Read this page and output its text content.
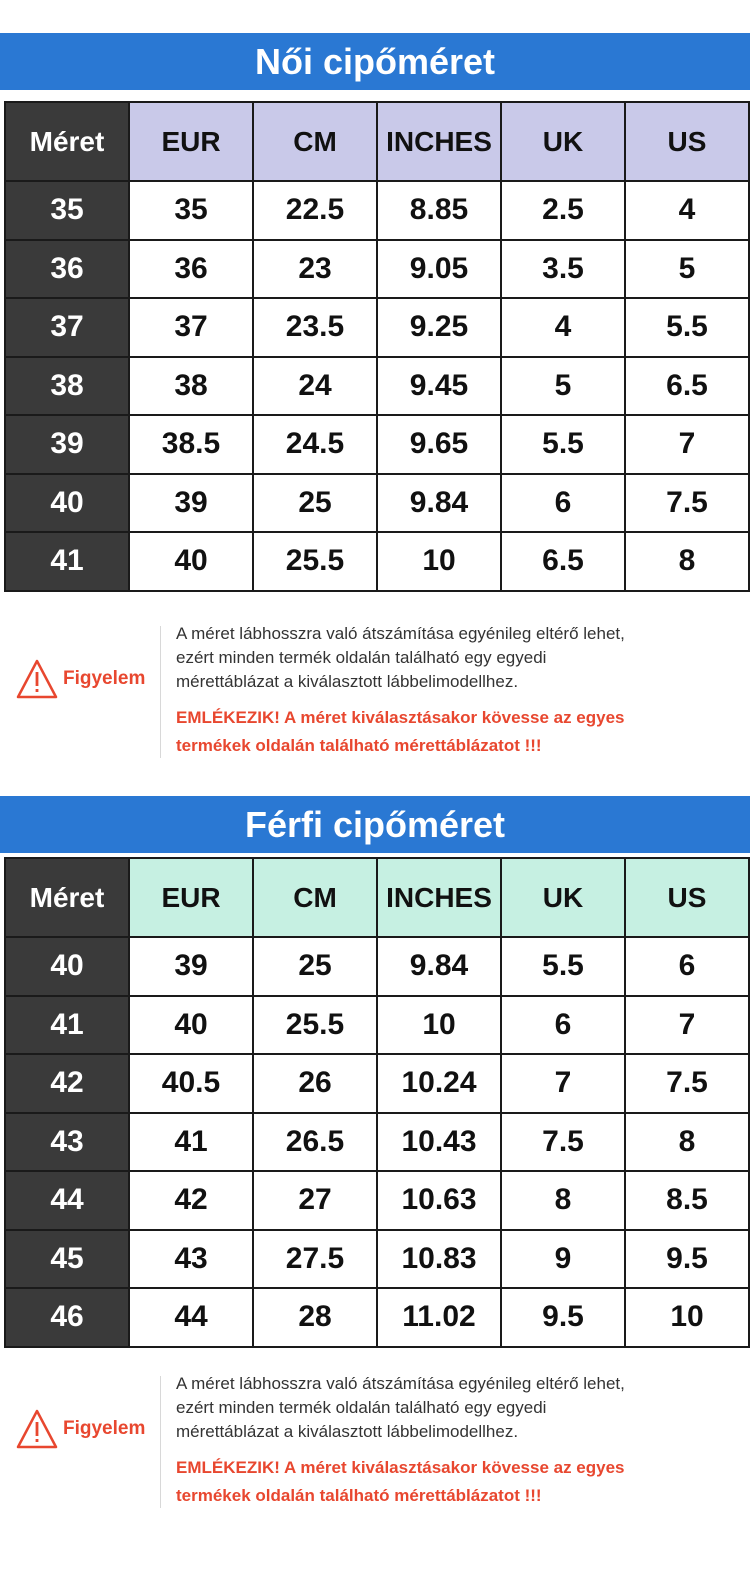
Női cipőméret
Méret	EUR	CM	INCHES	UK	US
35	35	22.5	8.85	2.5	4
36	36	23	9.05	3.5	5
37	37	23.5	9.25	4	5.5
38	38	24	9.45	5	6.5
39	38.5	24.5	9.65	5.5	7
40	39	25	9.84	6	7.5
41	40	25.5	10	6.5	8
Figyelem
A méret lábhosszra való átszámítása egyénileg eltérő lehet,
ezért minden termék oldalán található egy egyedi
mérettáblázat a kiválasztott lábbelimodellhez.
EMLÉKEZIK! A méret kiválasztásakor kövesse az egyes
termékek oldalán található mérettáblázatot !!!
Férfi cipőméret
Méret	EUR	CM	INCHES	UK	US
40	39	25	9.84	5.5	6
41	40	25.5	10	6	7
42	40.5	26	10.24	7	7.5
43	41	26.5	10.43	7.5	8
44	42	27	10.63	8	8.5
45	43	27.5	10.83	9	9.5
46	44	28	11.02	9.5	10
Figyelem
A méret lábhosszra való átszámítása egyénileg eltérő lehet,
ezért minden termék oldalán található egy egyedi
mérettáblázat a kiválasztott lábbelimodellhez.
EMLÉKEZIK! A méret kiválasztásakor kövesse az egyes
termékek oldalán található mérettáblázatot !!!
